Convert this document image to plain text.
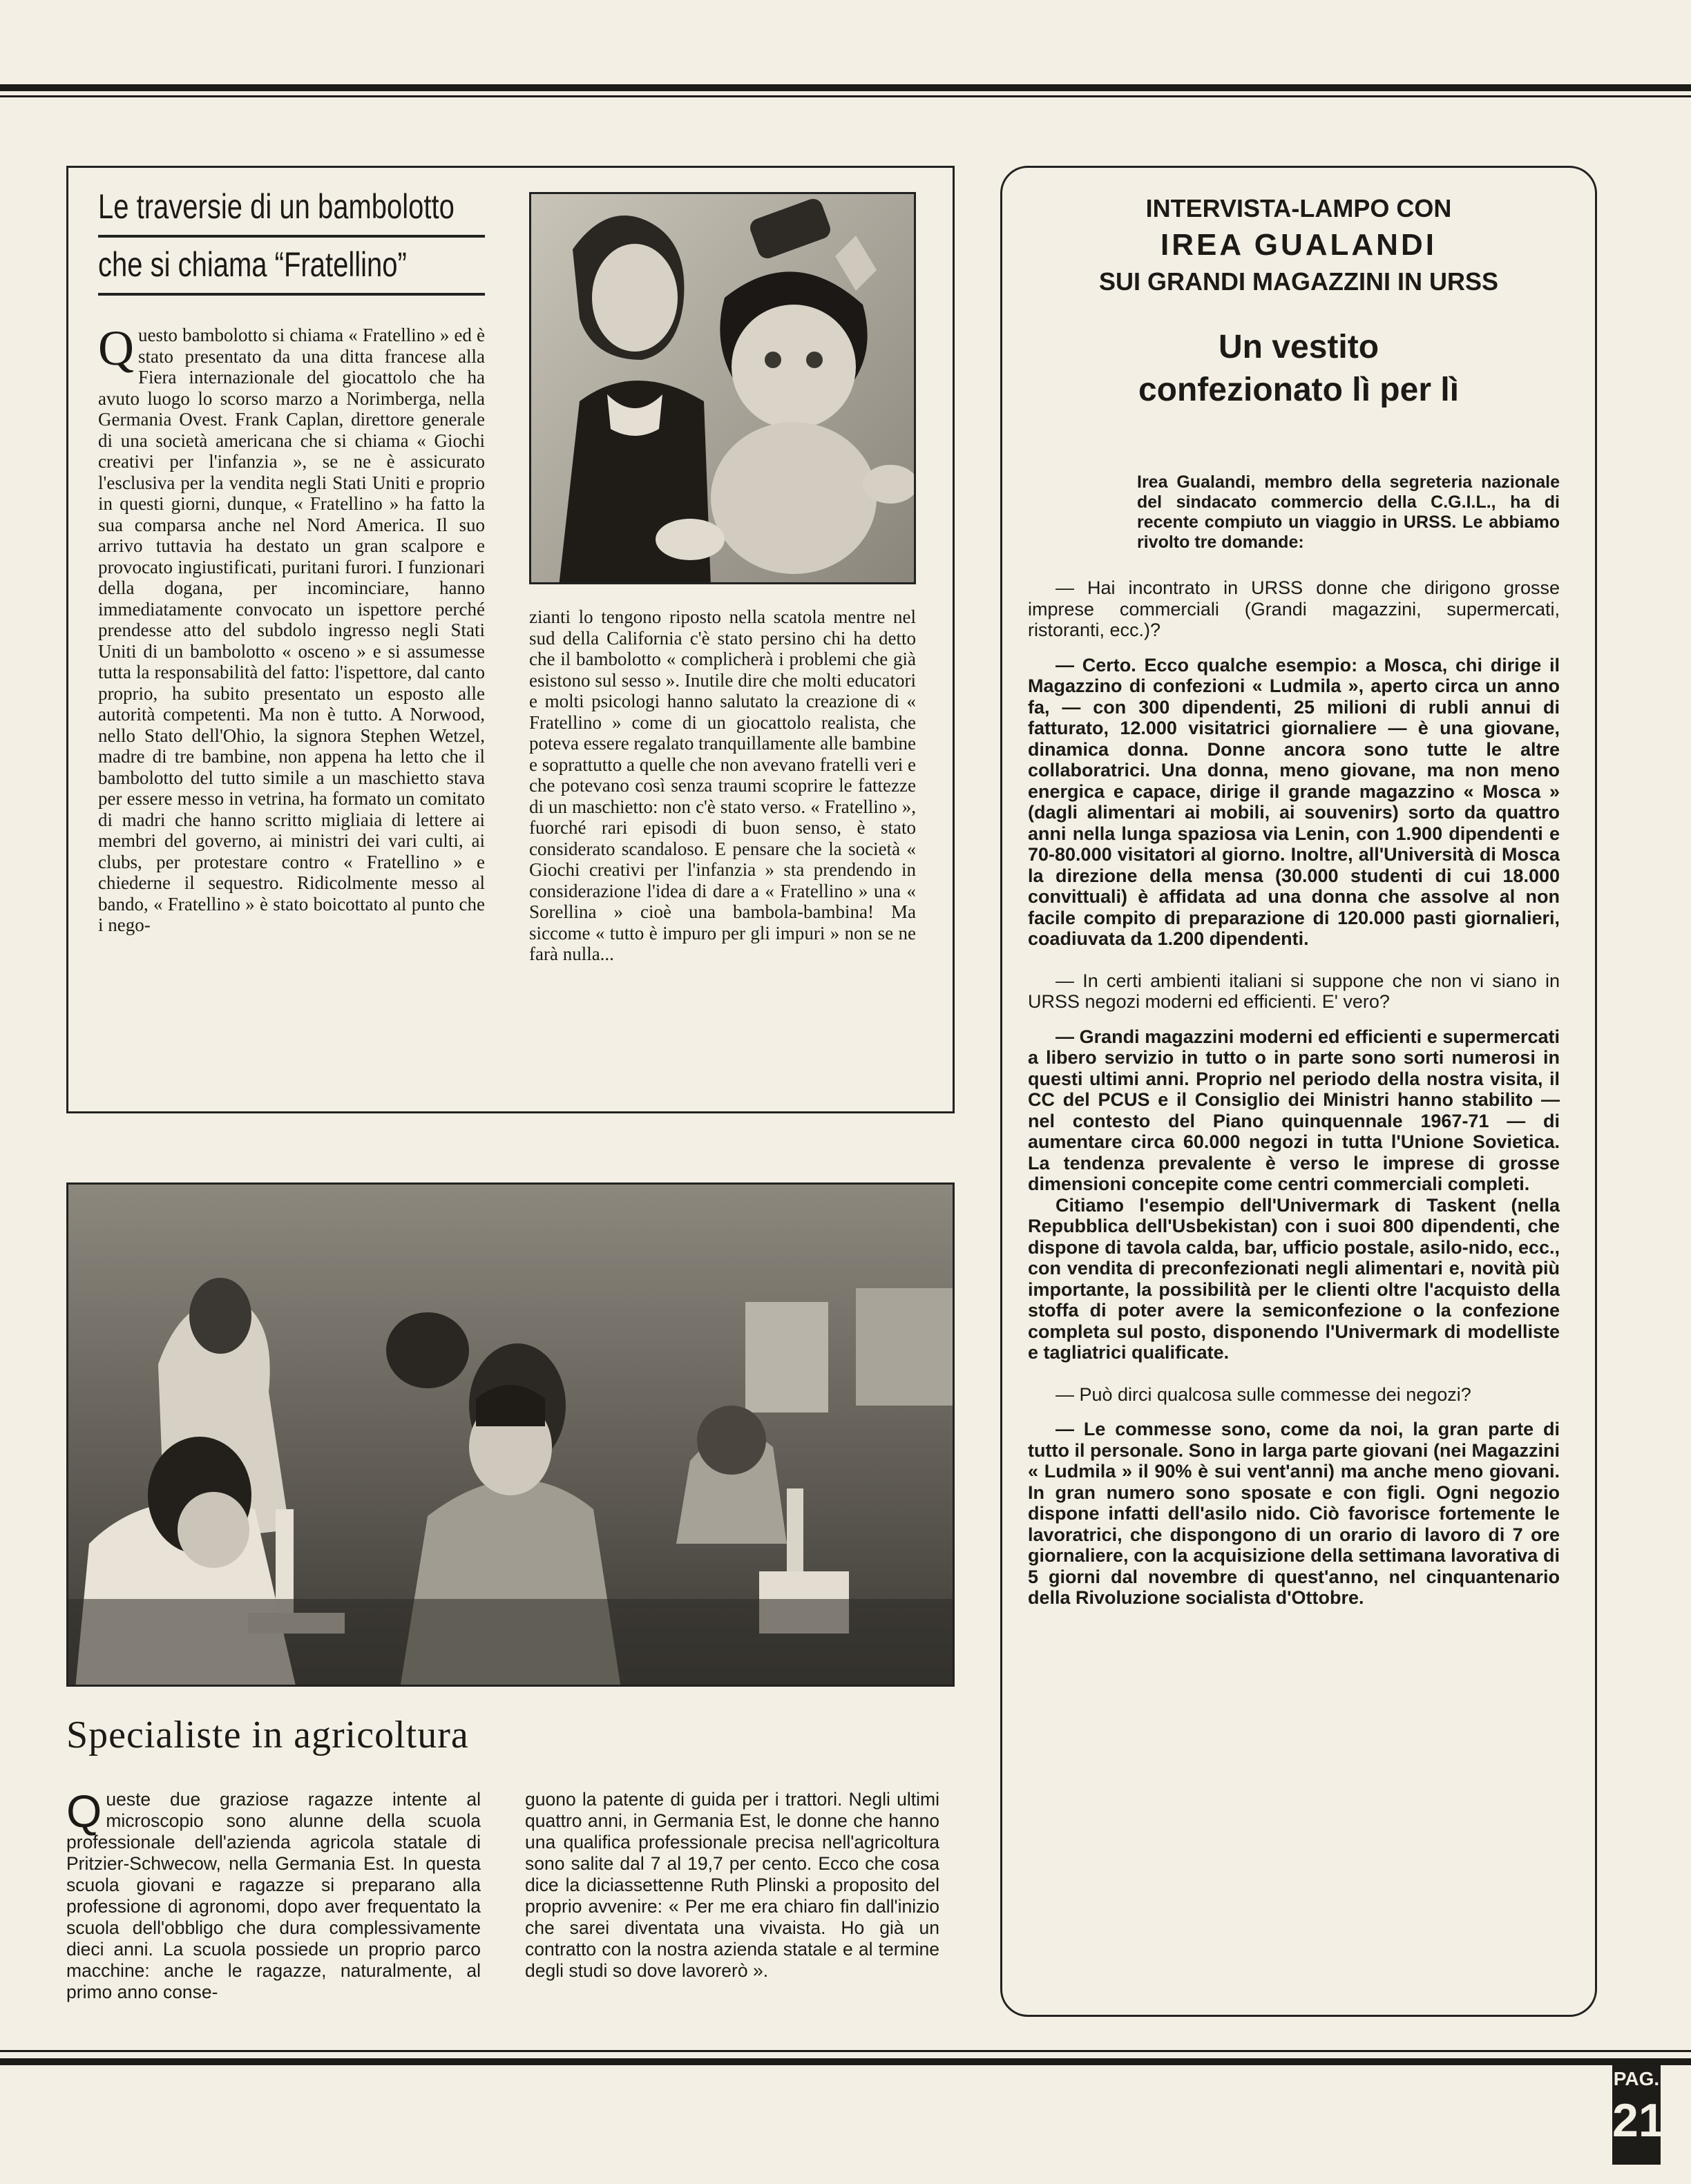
Le traversie di un bambolotto
che si chiama “Fratellino”

Questo bambolotto si chiama « Fratellino » ed è stato presentato da una ditta francese alla Fiera internazionale del giocattolo che ha avuto luogo lo scorso marzo a Norimberga, nella Germania Ovest. Frank Caplan, direttore generale di una società americana che si chiama « Giochi creativi per l'infanzia », se ne è assicurato l'esclusiva per la vendita negli Stati Uniti e proprio in questi giorni, dunque, « Fratellino » ha fatto la sua comparsa anche nel Nord America. Il suo arrivo tuttavia ha destato un gran scalpore e provocato ingiustificati, puritani furori. I funzionari della dogana, per incominciare, hanno immediatamente convocato un ispettore perché prendesse atto del subdolo ingresso negli Stati Uniti di un bambolotto « osceno » e si assumesse tutta la responsabilità del fatto: l'ispettore, dal canto proprio, ha subito presentato un esposto alle autorità competenti. Ma non è tutto. A Norwood, nello Stato dell'Ohio, la signora Stephen Wetzel, madre di tre bambine, non appena ha letto che il bambolotto del tutto simile a un maschietto stava per essere messo in vetrina, ha formato un comitato di madri che hanno scritto migliaia di lettere ai membri del governo, ai ministri dei vari culti, ai clubs, per protestare contro « Fratellino » e chiederne il sequestro. Ridicolmente messo al bando, « Fratellino » è stato boicottato al punto che i nego-

zianti lo tengono riposto nella scatola mentre nel sud della California c'è stato persino chi ha detto che il bambolotto « complicherà i problemi che già esistono sul sesso ». Inutile dire che molti educatori e molti psicologi hanno salutato la creazione di « Fratellino » come di un giocattolo realista, che poteva essere regalato tranquillamente alle bambine e soprattutto a quelle che non avevano fratelli veri e che potevano così senza traumi scoprire le fattezze di un maschietto: non c'è stato verso. « Fratellino », fuorché rari episodi di buon senso, è stato considerato scandaloso. E pensare che la società « Giochi creativi per l'infanzia » sta prendendo in considerazione l'idea di dare a « Fratellino » una « Sorellina » cioè una bambola-bambina! Ma siccome « tutto è impuro per gli impuri » non se ne farà nulla...

Specialiste in agricoltura

Queste due graziose ragazze intente al microscopio sono alunne della scuola professionale dell'azienda agricola statale di Pritzier-Schwecow, nella Germania Est. In questa scuola giovani e ragazze si preparano alla professione di agronomi, dopo aver frequentato la scuola dell'obbligo che dura complessivamente dieci anni. La scuola possiede un proprio parco macchine: anche le ragazze, naturalmente, al primo anno conse-

guono la patente di guida per i trattori. Negli ultimi quattro anni, in Germania Est, le donne che hanno una qualifica professionale precisa nell'agricoltura sono salite dal 7 al 19,7 per cento. Ecco che cosa dice la diciassettenne Ruth Plinski a proposito del proprio avvenire: « Per me era chiaro fin dall'inizio che sarei diventata una vivaista. Ho già un contratto con la nostra azienda statale e al termine degli studi so dove lavorerò ».

INTERVISTA-LAMPO CON
IREA GUALANDI
SUI GRANDI MAGAZZINI IN URSS
Un vestito
confezionato lì per lì
Irea Gualandi, membro della segreteria nazionale del sindacato commercio della C.G.I.L., ha di recente compiuto un viaggio in URSS. Le abbiamo rivolto tre domande:

— Hai incontrato in URSS donne che dirigono grosse imprese commerciali (Grandi magazzini, supermercati, ristoranti, ecc.)?

— Certo. Ecco qualche esempio: a Mosca, chi dirige il Magazzino di confezioni « Ludmila », aperto circa un anno fa, — con 300 dipendenti, 25 milioni di rubli annui di fatturato, 12.000 visitatrici giornaliere — è una giovane, dinamica donna. Donne ancora sono tutte le altre collaboratrici. Una donna, meno giovane, ma non meno energica e capace, dirige il grande magazzino « Mosca » (dagli alimentari ai mobili, ai souvenirs) sorto da quattro anni nella lunga spaziosa via Lenin, con 1.900 dipendenti e 70-80.000 visitatori al giorno. Inoltre, all'Università di Mosca la direzione della mensa (30.000 studenti di cui 18.000 convittuali) è affidata ad una donna che assolve al non facile compito di preparazione di 120.000 pasti giornalieri, coadiuvata da 1.200 dipendenti.

— In certi ambienti italiani si suppone che non vi siano in URSS negozi moderni ed efficienti. E' vero?

— Grandi magazzini moderni ed efficienti e supermercati a libero servizio in tutto o in parte sono sorti numerosi in questi ultimi anni. Proprio nel periodo della nostra visita, il CC del PCUS e il Consiglio dei Ministri hanno stabilito — nel contesto del Piano quinquennale 1967-71 — di aumentare circa 60.000 negozi in tutta l'Unione Sovietica. La tendenza prevalente è verso le imprese di grosse dimensioni concepite come centri commerciali completi.

Citiamo l'esempio dell'Univermark di Taskent (nella Repubblica dell'Usbekistan) con i suoi 800 dipendenti, che dispone di tavola calda, bar, ufficio postale, asilo-nido, ecc., con vendita di preconfezionati negli alimentari e, novità più importante, la possibilità per le clienti oltre l'acquisto della stoffa di poter avere la semiconfezione o la confezione completa sul posto, disponendo l'Univermark di modelliste e tagliatrici qualificate.

— Può dirci qualcosa sulle commesse dei negozi?

— Le commesse sono, come da noi, la gran parte di tutto il personale. Sono in larga parte giovani (nei Magazzini « Ludmila » il 90% è sui vent'anni) ma anche meno giovani. In gran numero sono sposate e con figli. Ogni negozio dispone infatti dell'asilo nido. Ciò favorisce fortemente le lavoratrici, che dispongono di un orario di lavoro di 7 ore giornaliere, con la acquisizione della settimana lavorativa di 5 giorni dal novembre di quest'anno, nel cinquantenario della Rivoluzione socialista d'Ottobre.

PAG.
21
